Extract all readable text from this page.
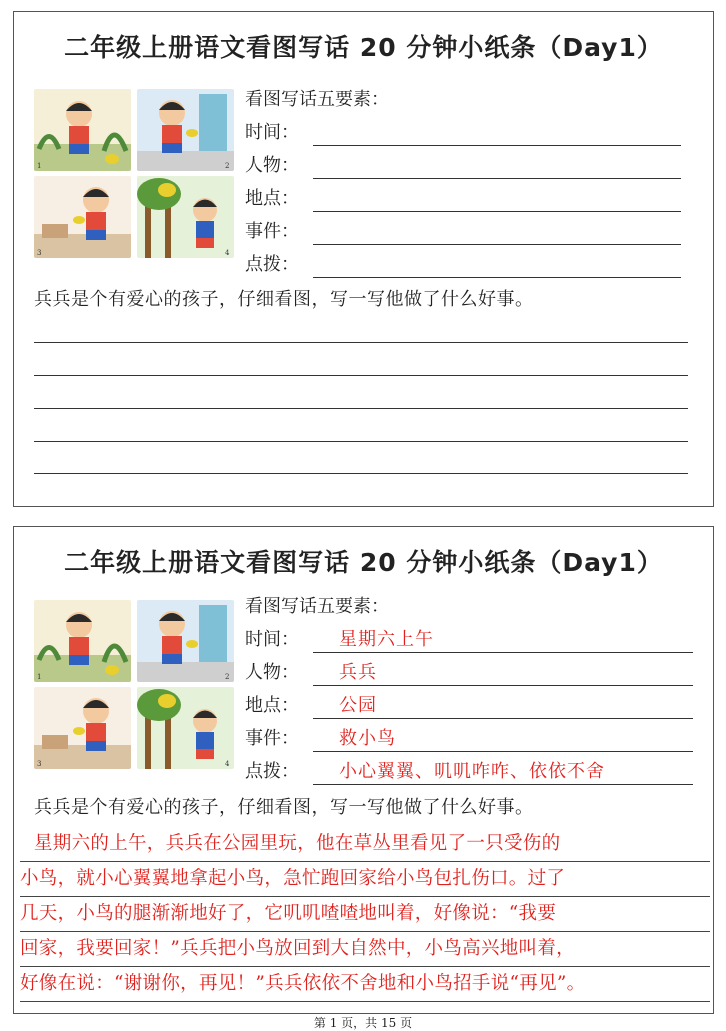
二年级上册语文看图写话 20 分钟小纸条（Day1）
1	2
3	4
看图写话五要素：
时间：
人物：
地点：
事件：
点拨：
兵兵是个有爱心的孩子，仔细看图，写一写他做了什么好事。
二年级上册语文看图写话 20 分钟小纸条（Day1）
1	2
3	4
看图写话五要素：
时间： 星期六上午
人物： 兵兵
地点： 公园
事件： 救小鸟
点拨： 小心翼翼、叽叽咋咋、依依不舍
兵兵是个有爱心的孩子，仔细看图，写一写他做了什么好事。
星期六的上午，兵兵在公园里玩，他在草丛里看见了一只受伤的
小鸟，就小心翼翼地拿起小鸟，急忙跑回家给小鸟包扎伤口。过了
几天，小鸟的腿渐渐地好了，它叽叽喳喳地叫着，好像说：“我要
回家，我要回家！”兵兵把小鸟放回到大自然中，小鸟高兴地叫着，
好像在说：“谢谢你，再见！”兵兵依依不舍地和小鸟招手说“再见”。
第 1 页，共 15 页
